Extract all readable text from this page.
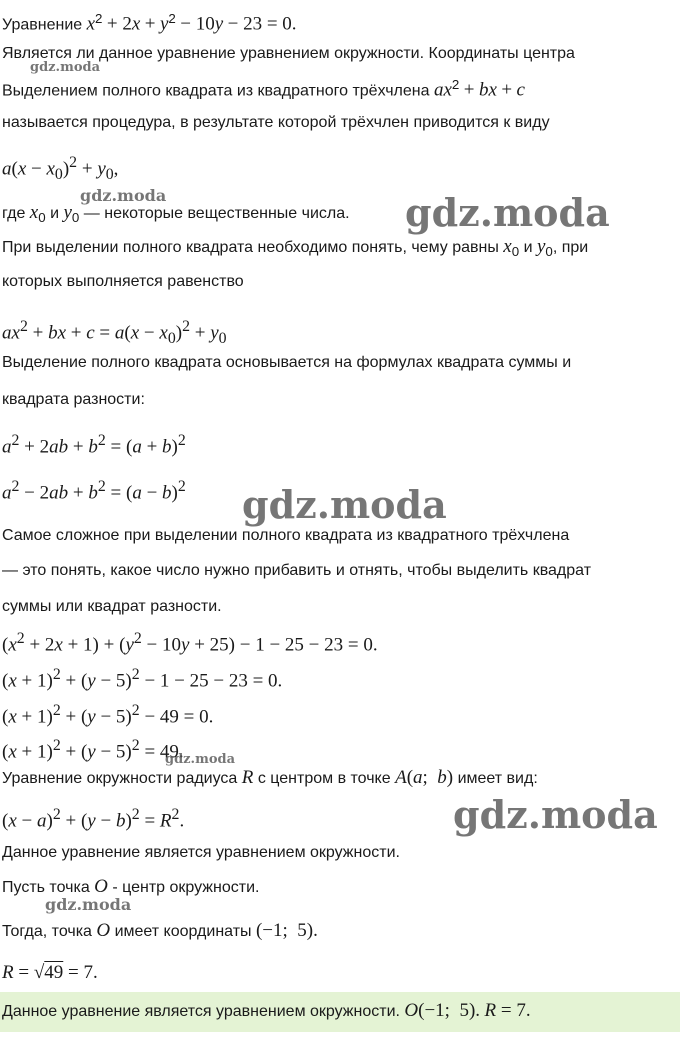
Уравнение $x^2 + 2x + y^2 - 10y - 23 = 0$.
Является ли данное уравнение уравнением окружности. Координаты центра
Выделением полного квадрата из квадратного трёхчлена $ax^2$ + bx + c
называется процедура, в результате которой трёхчлен приводится к виду
$a(x - x_0)^2 + y_0$,
где $x_0$ и $y_0$ — некоторые вещественные числа.
При выделении полного квадрата необходимо понять, чему равны $x_0$ и $y_0$, при
которых выполняется равенство
$ax^2$ + bx + $c = a(x - x_0)^2 + y_0$
Выделение полного квадрата основывается на формулах квадрата суммы и
квадрата разности:
$a^2 + 2ab + b^2 = (a + b)^2$
$a^2 - 2ab + b^2 = (a - b)^2$
Самое сложное при выделении полного квадрата из квадратного трёхчлена
— это понять, какое число нужно прибавить и отнять, чтобы выделить квадрат
суммы или квадрат разности.
$(x^2 + 2x + 1) + (y^2 - 10y + 25) - 1 - 25 - 23 = 0$.
$(x + 1)^2 + (y - 5)^2 - 1 - 25 - 23 = 0$.
$(x + 1)^2 + (y - 5)^2 - 49 = 0$.
$(x + 1)^2 + (y - 5)^2 = 49$.
Уравнение окружности радиуса R с центром в точке A(a;  b) имеет вид:
$(x - a)^2 + (y - b)^2 = R^2$.
Данное уравнение является уравнением окружности.
Пусть точка O - центр окружности.
Тогда, точка O имеет координаты (−1;  5).
R = √49 = 7.
Данное уравнение является уравнением окружности. O(−1;  5). R = 7.
gdz.moda
gdz.moda	gdz.moda
gdz.moda
gdz.moda
gdz.moda
gdz.moda
